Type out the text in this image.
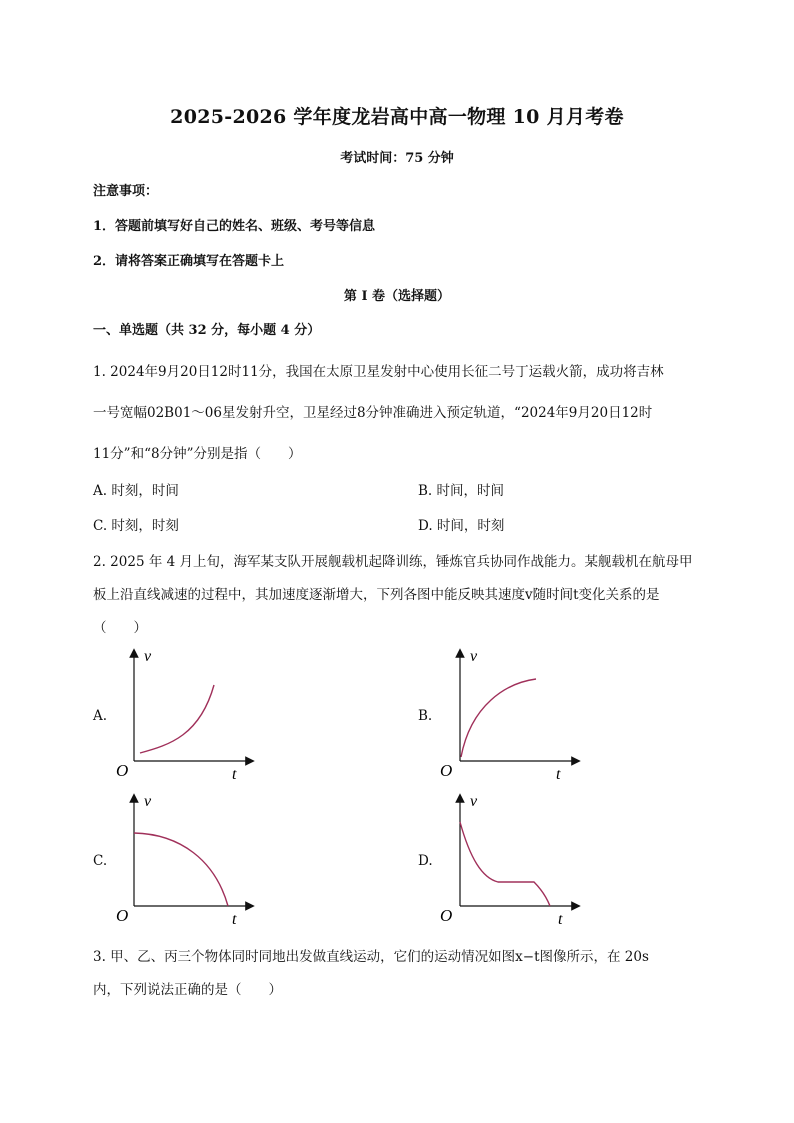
2025-2026 学年度龙岩高中高一物理 10 月月考卷
考试时间：75 分钟
注意事项：
1．答题前填写好自己的姓名、班级、考号等信息
2．请将答案正确填写在答题卡上
第 I 卷（选择题）
一、单选题（共 32 分，每小题 4 分）
1. 2024年9月20日12时11分，我国在太原卫星发射中心使用长征二号丁运载火箭，成功将吉林
一号宽幅02B01～06星发射升空，卫星经过8分钟准确进入预定轨道，“2024年9月20日12时
11分”和“8分钟”分别是指（　　）
A. 时刻，时间	B. 时间，时间
C. 时刻，时刻	D. 时间，时刻
2. 2025 年 4 月上旬，海军某支队开展舰载机起降训练，锤炼官兵协同作战能力。某舰载机在航母甲
板上沿直线减速的过程中，其加速度逐渐增大，下列各图中能反映其速度v随时间t变化关系的是
（　　）
A.
v
t
O
B.
v
t
O
C.
v
t
O
D.
v
t
O
3. 甲、乙、丙三个物体同时同地出发做直线运动，它们的运动情况如图x−t图像所示，在 20s
内，下列说法正确的是（　　）
